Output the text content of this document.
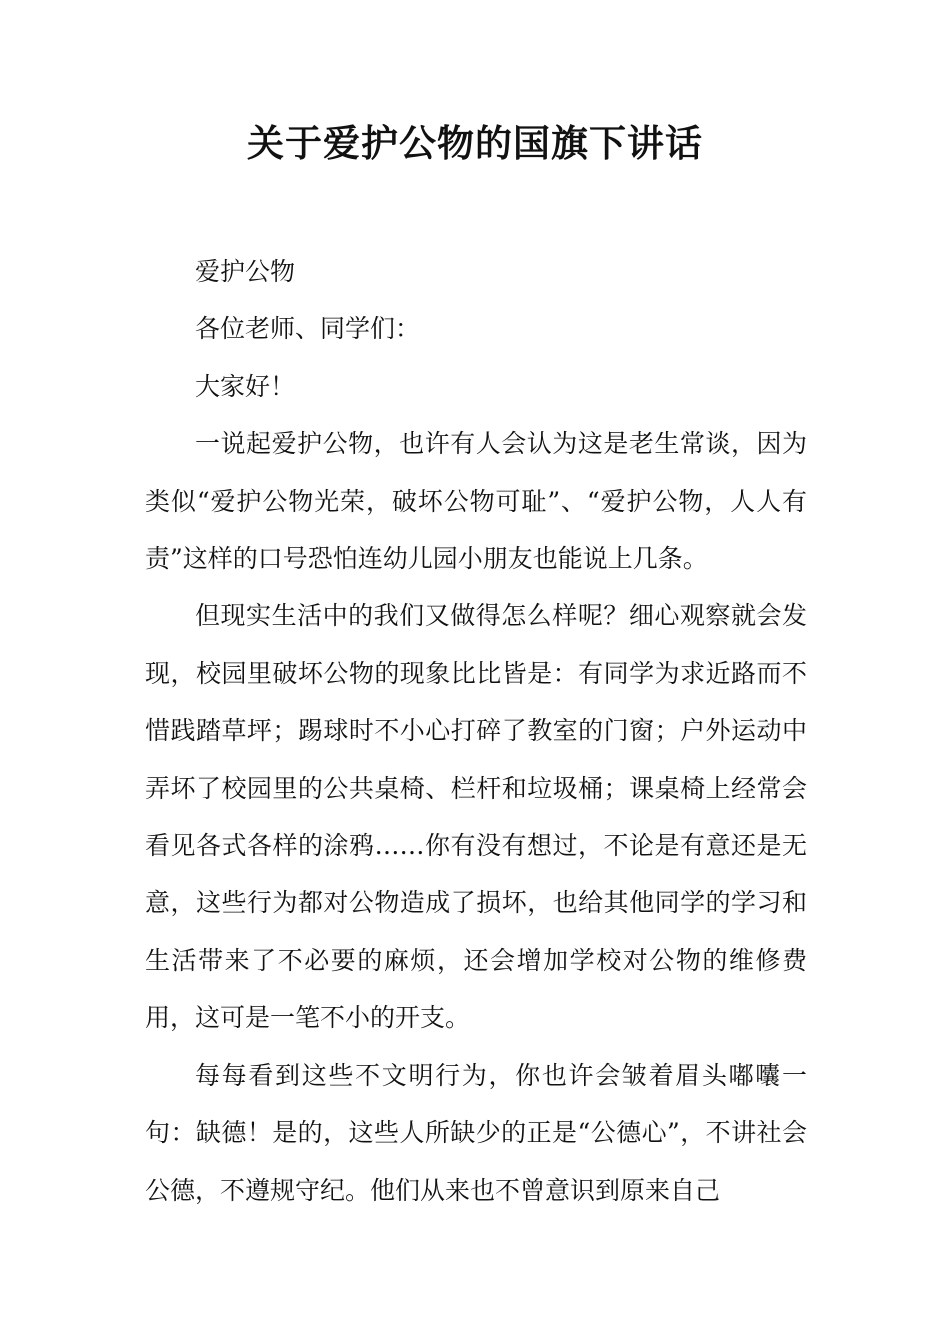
关于爱护公物的国旗下讲话

爱护公物

各位老师、同学们：

大家好！

一说起爱护公物，也许有人会认为这是老生常谈，因为类似“爱护公物光荣，破坏公物可耻”、“爱护公物，人人有责”这样的口号恐怕连幼儿园小朋友也能说上几条。

但现实生活中的我们又做得怎么样呢？细心观察就会发现，校园里破坏公物的现象比比皆是：有同学为求近路而不惜践踏草坪；踢球时不小心打碎了教室的门窗；户外运动中弄坏了校园里的公共桌椅、栏杆和垃圾桶；课桌椅上经常会看见各式各样的涂鸦……你有没有想过，不论是有意还是无意，这些行为都对公物造成了损坏，也给其他同学的学习和生活带来了不必要的麻烦，还会增加学校对公物的维修费用，这可是一笔不小的开支。

每每看到这些不文明行为，你也许会皱着眉头嘟囔一句：缺德！是的，这些人所缺少的正是“公德心”，不讲社会公德，不遵规守纪。他们从来也不曾意识到原来自己
